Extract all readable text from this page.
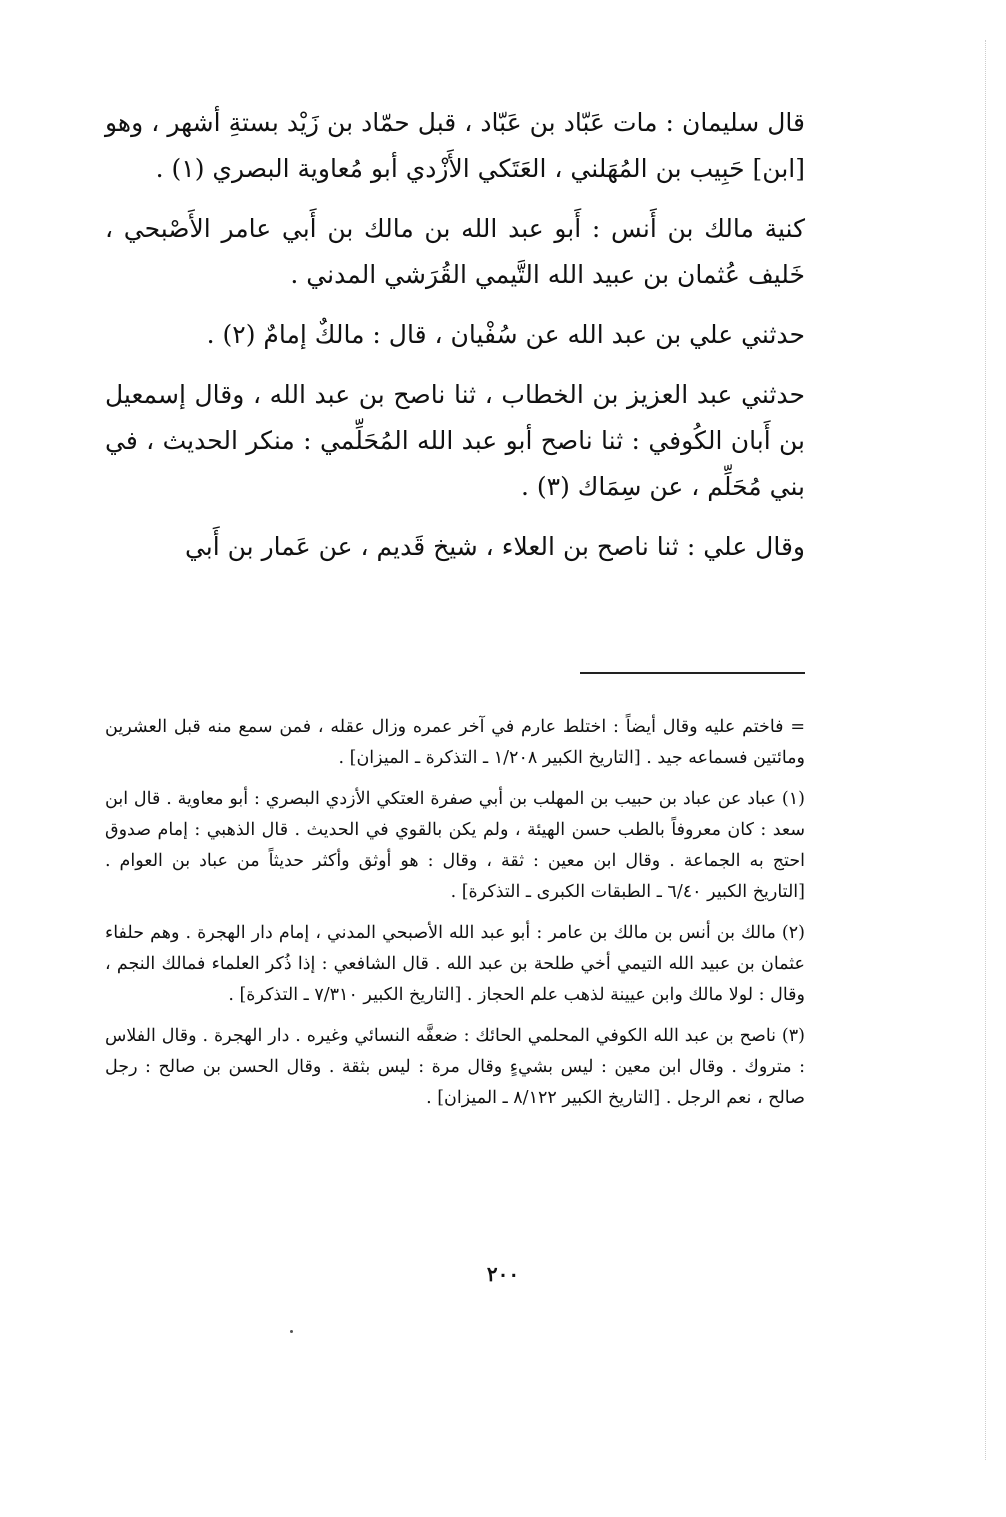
قال سليمان : مات عَبّاد بن عَبّاد ، قبل حمّاد بن زَيْد بستةِ أشهر ، وهو [ابن] حَبِيب بن المُهَلني ، العَتَكي الأَزْدي أبو مُعاوية البصري (١) .

كنية مالك بن أَنس : أَبو عبد الله بن مالك بن أَبي عامر الأَصْبحي ، خَليف عُثمان بن عبيد الله التَّيمي القُرَشي المدني .

حدثني علي بن عبد الله عن سُفْيان ، قال : مالكٌ إمامٌ (٢) .

حدثني عبد العزيز بن الخطاب ، ثنا ناصح بن عبد الله ، وقال إسمعيل بن أَبان الكُوفي : ثنا ناصح أبو عبد الله المُحَلِّمي : منكر الحديث ، في بني مُحَلِّم ، عن سِمَاك (٣) .

وقال علي : ثنا ناصح بن العلاء ، شيخ قَديم ، عن عَمار بن أَبي

= فاختم عليه وقال أيضاً : اختلط عارم في آخر عمره وزال عقله ، فمن سمع منه قبل العشرين ومائتين فسماعه جيد . [التاريخ الكبير ١/٢٠٨ ـ التذكرة ـ الميزان] .

(١) عباد عن عباد بن حبيب بن المهلب بن أبي صفرة العتكي الأزدي البصري : أبو معاوية . قال ابن سعد : كان معروفاً بالطب حسن الهيئة ، ولم يكن بالقوي في الحديث . قال الذهبي : إمام صدوق احتج به الجماعة . وقال ابن معين : ثقة ، وقال : هو أوثق وأكثر حديثاً من عباد بن العوام . [التاريخ الكبير ٦/٤٠ ـ الطبقات الكبرى ـ التذكرة] .

(٢) مالك بن أنس بن مالك بن عامر : أبو عبد الله الأصبحي المدني ، إمام دار الهجرة . وهم حلفاء عثمان بن عبيد الله التيمي أخي طلحة بن عبد الله . قال الشافعي : إذا ذُكر العلماء فمالك النجم ، وقال : لولا مالك وابن عيينة لذهب علم الحجاز . [التاريخ الكبير ٧/٣١٠ ـ التذكرة] .

(٣) ناصح بن عبد الله الكوفي المحلمي الحائك : ضعفَّه النسائي وغيره . دار الهجرة . وقال الفلاس : متروك . وقال ابن معين : ليس بشيءٍ وقال مرة : ليس بثقة . وقال الحسن بن صالح : رجل صالح ، نعم الرجل . [التاريخ الكبير ٨/١٢٢ ـ الميزان] .

٢٠٠
